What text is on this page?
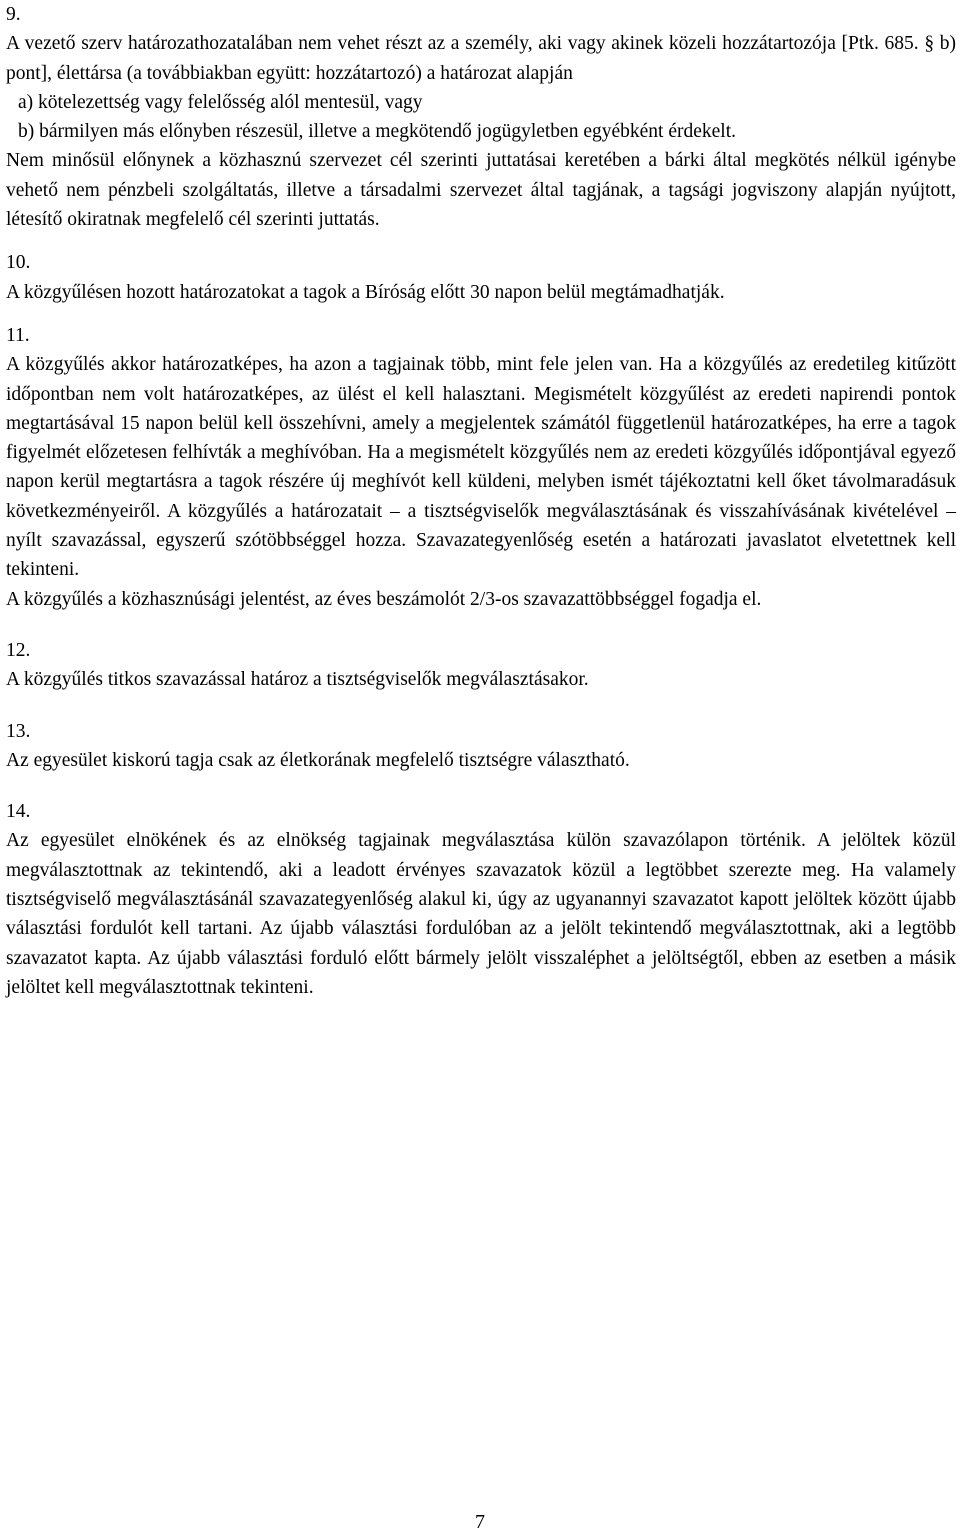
9.

A vezető szerv határozathozatalában nem vehet részt az a személy, aki vagy akinek közeli hozzátartozója [Ptk. 685. § b) pont], élettársa (a továbbiakban együtt: hozzátartozó) a határozat alapján

a) kötelezettség vagy felelősség alól mentesül, vagy
b) bármilyen más előnyben részesül, illetve a megkötendő jogügyletben egyébként érdekelt.

Nem minősül előnynek a közhasznú szervezet cél szerinti juttatásai keretében a bárki által megkötés nélkül igénybe vehető nem pénzbeli szolgáltatás, illetve a társadalmi szervezet által tagjának, a tagsági jogviszony alapján nyújtott, létesítő okiratnak megfelelő cél szerinti juttatás.

10.

A közgyűlésen hozott határozatokat a tagok a Bíróság előtt 30 napon belül megtámadhatják.

11.

A közgyűlés akkor határozatképes, ha azon a tagjainak több, mint fele jelen van. Ha a közgyűlés az eredetileg kitűzött időpontban nem volt határozatképes, az ülést el kell halasztani. Megismételt közgyűlést az eredeti napirendi pontok megtartásával 15 napon belül kell összehívni, amely a megjelentek számától függetlenül határozatképes, ha erre a tagok figyelmét előzetesen felhívták a meghívóban. Ha a megismételt közgyűlés nem az eredeti közgyűlés időpontjával egyező napon kerül megtartásra a tagok részére új meghívót kell küldeni, melyben ismét tájékoztatni kell őket távolmaradásuk következményeiről. A közgyűlés a határozatait – a tisztségviselők megválasztásának és visszahívásának kivételével – nyílt szavazással, egyszerű szótöbbséggel hozza. Szavazategyenlőség esetén a határozati javaslatot elvetettnek kell tekinteni.

A közgyűlés a közhasznúsági jelentést, az éves beszámolót 2/3-os szavazattöbbséggel fogadja el.

12.

A közgyűlés titkos szavazással határoz a tisztségviselők megválasztásakor.

13.

Az egyesület kiskorú tagja csak az életkorának megfelelő tisztségre választható.

14.

Az egyesület elnökének és az elnökség tagjainak megválasztása külön szavazólapon történik. A jelöltek közül megválasztottnak az tekintendő, aki a leadott érvényes szavazatok közül a legtöbbet szerezte meg. Ha valamely tisztségviselő megválasztásánál szavazategyenlőség alakul ki, úgy az ugyanannyi szavazatot kapott jelöltek között újabb választási fordulót kell tartani. Az újabb választási fordulóban az a jelölt tekintendő megválasztottnak, aki a legtöbb szavazatot kapta. Az újabb választási forduló előtt bármely jelölt visszaléphet a jelöltségtől, ebben az esetben a másik jelöltet kell megválasztottnak tekinteni.

7
